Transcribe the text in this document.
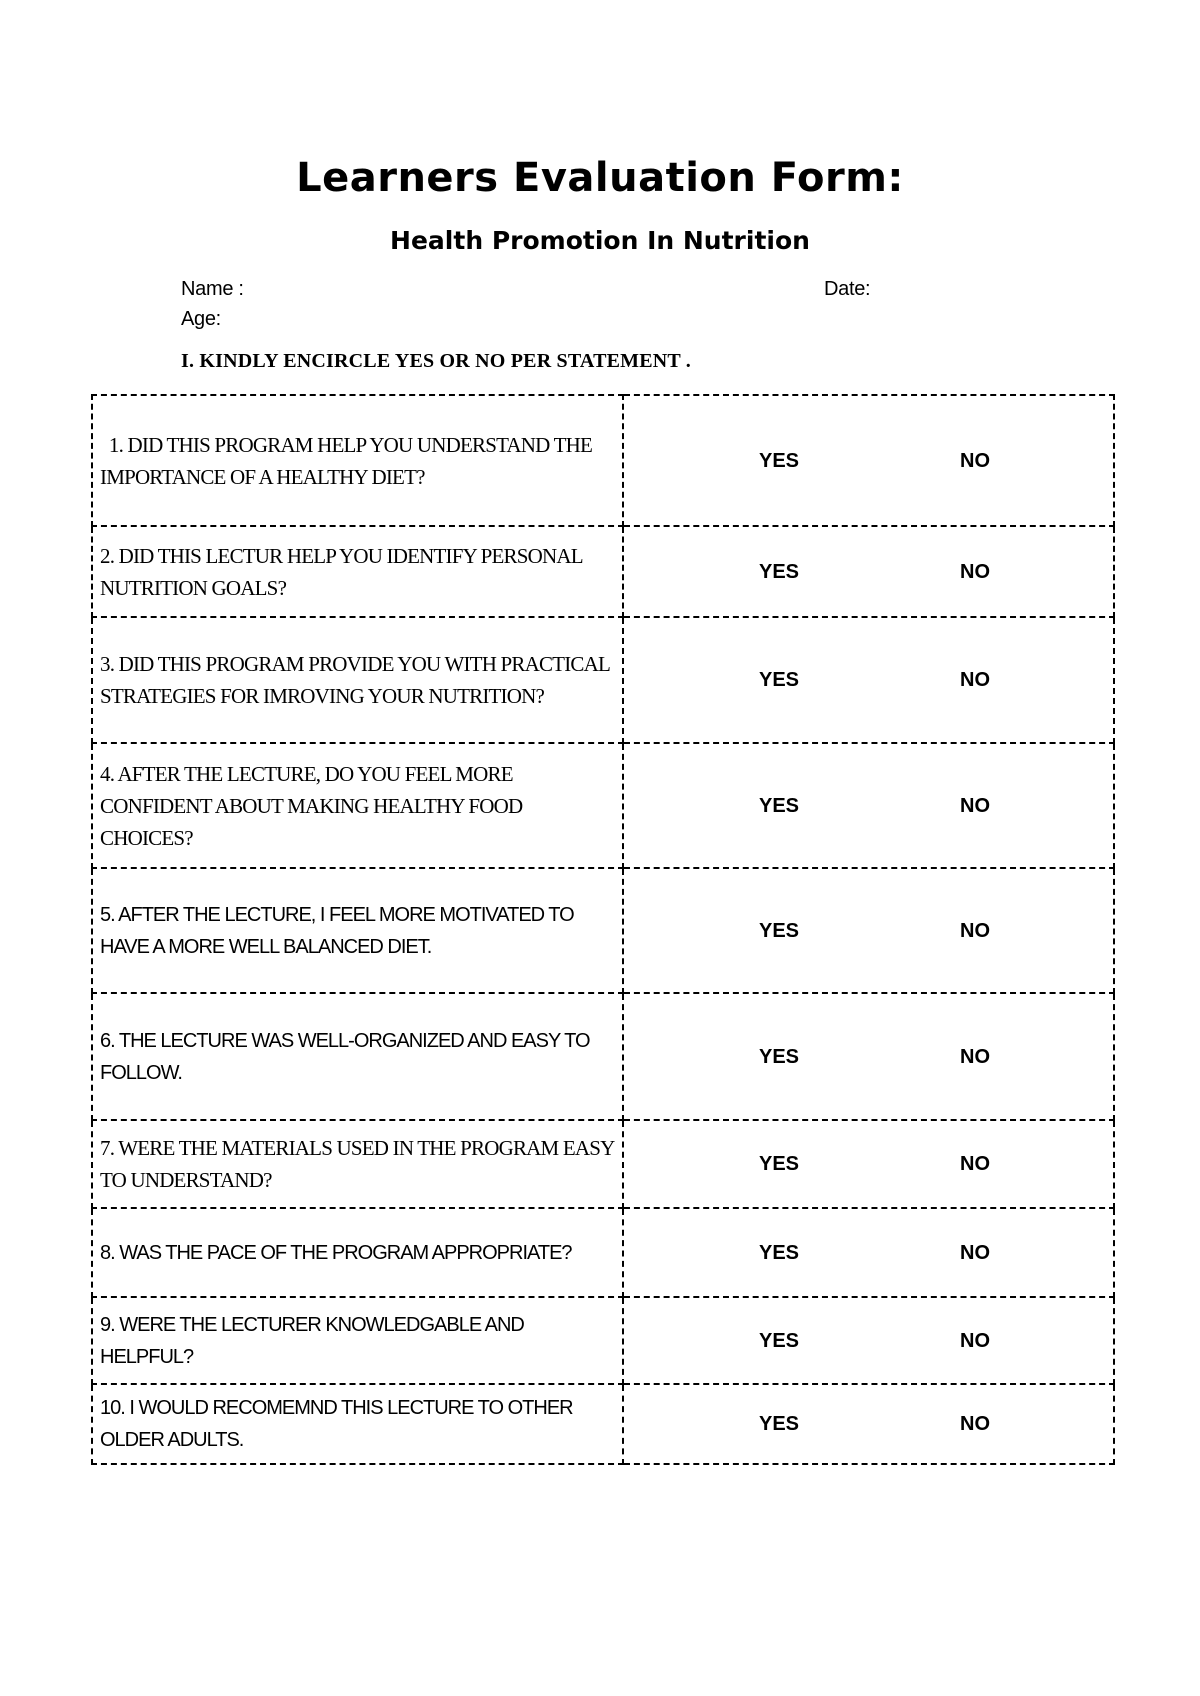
Learners Evaluation Form:
Health Promotion In Nutrition
Name :	Date:
Age:
I. KINDLY ENCIRCLE YES OR NO PER STATEMENT .
1. DID THIS PROGRAM HELP YOU UNDERSTAND THE IMPORTANCE OF A HEALTHY DIET?	YES NO

2. DID THIS LECTUR HELP YOU IDENTIFY PERSONAL NUTRITION GOALS?	YES NO

3. DID THIS PROGRAM PROVIDE YOU WITH PRACTICAL STRATEGIES FOR IMROVING YOUR NUTRITION?	YES NO

4. AFTER THE LECTURE, DO YOU FEEL MORE CONFIDENT ABOUT MAKING HEALTHY FOOD CHOICES?	YES NO

5. AFTER THE LECTURE, I FEEL MORE MOTIVATED TO HAVE A MORE WELL BALANCED DIET.	YES NO

6. THE LECTURE WAS WELL-ORGANIZED AND EASY TO FOLLOW.	YES NO

7. WERE THE MATERIALS USED IN THE PROGRAM EASY TO UNDERSTAND?	YES NO

8. WAS THE PACE OF THE PROGRAM APPROPRIATE?	YES NO

9. WERE THE LECTURER KNOWLEDGABLE AND HELPFUL?	YES NO

10. I WOULD RECOMEMND THIS LECTURE TO OTHER OLDER ADULTS.	YES NO
